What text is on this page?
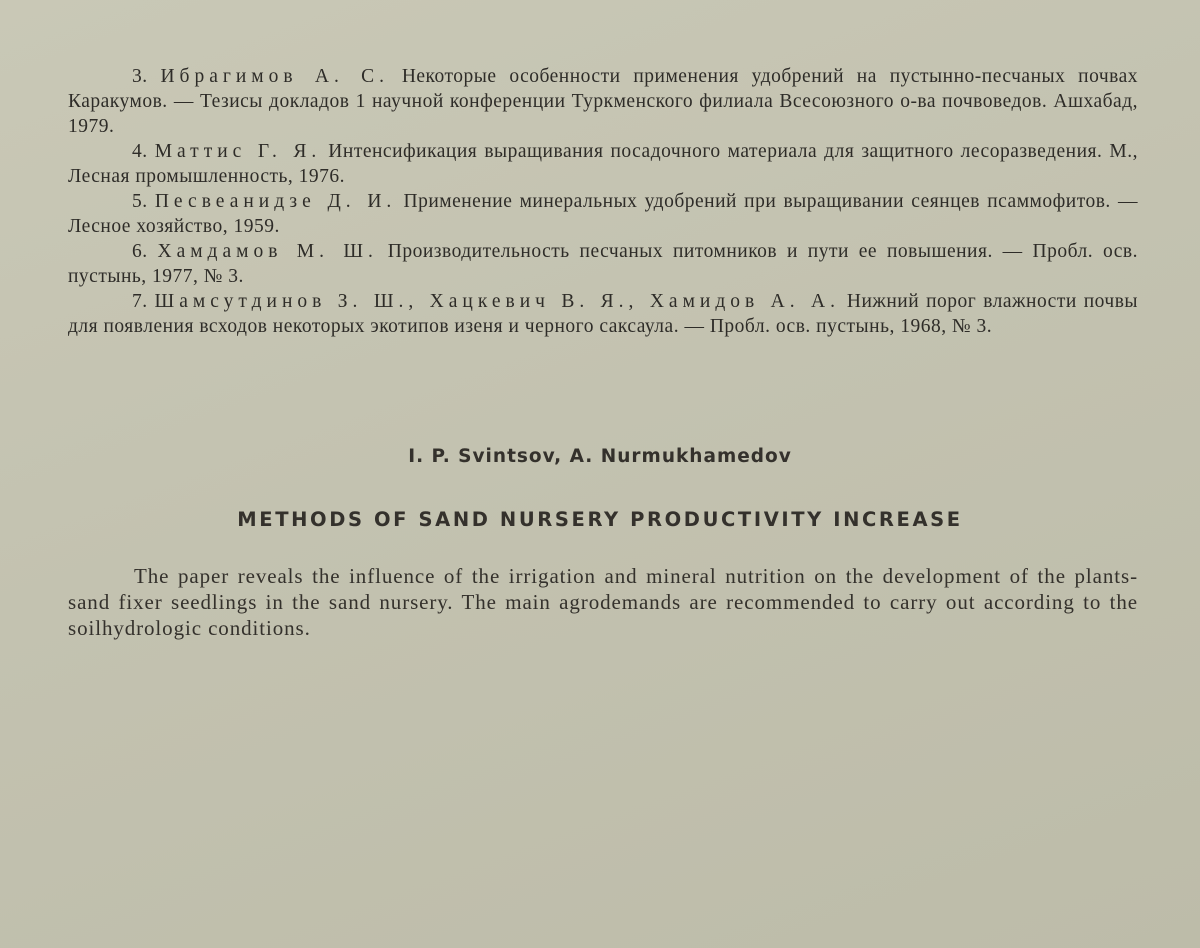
3. Ибрагимов А. С. Некоторые особенности применения удобрений на пустынно-песчаных почвах Каракумов. — Тезисы докладов 1 научной конференции Туркменского филиала Всесоюзного о-ва почвоведов. Ашхабад, 1979.

4. Маттис Г. Я. Интенсификация выращивания посадочного материала для защитного лесоразведения. М., Лесная промышленность, 1976.

5. Песвеанидзе Д. И. Применение минеральных удобрений при выращивании сеянцев псаммофитов. — Лесное хозяйство, 1959.

6. Хамдамов М. Ш. Производительность песчаных питомников и пути ее повышения. — Пробл. осв. пустынь, 1977, № 3.

7. Шамсутдинов З. Ш., Хацкевич В. Я., Хамидов А. А. Нижний порог влажности почвы для появления всходов некоторых экотипов изеня и черного саксаула. — Пробл. осв. пустынь, 1968, № 3.

I. P. Svintsov, A. Nurmukhamedov
METHODS OF SAND NURSERY PRODUCTIVITY INCREASE

The paper reveals the influence of the irrigation and mineral nutrition on the development of the plants-sand fixer seedlings in the sand nursery. The main agrodemands are recommended to carry out according to the soilhydrologic conditions.
